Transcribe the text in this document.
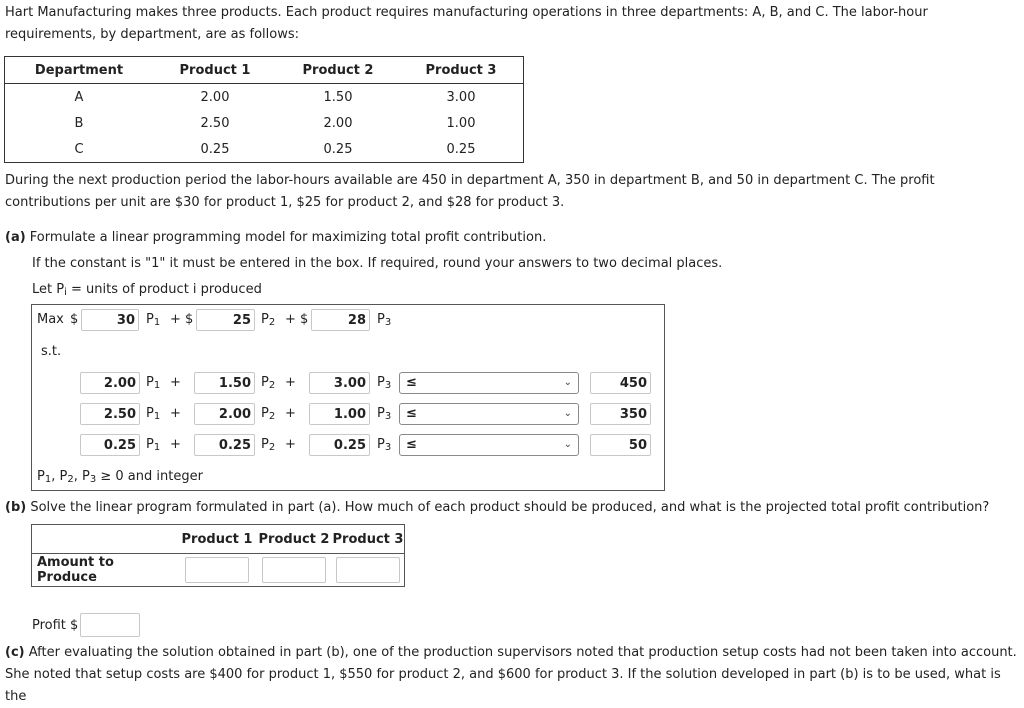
Hart Manufacturing makes three products. Each product requires manufacturing operations in three departments: A, B, and C. The labor-hour requirements, by department, are as follows:
Department	Product 1	Product 2	Product 3
A	2.00	1.50	3.00
B	2.50	2.00	1.00
C	0.25	0.25	0.25
During the next production period the labor-hours available are 450 in department A, 350 in department B, and 50 in department C. The profit contributions per unit are $30 for product 1, $25 for product 2, and $28 for product 3.
(a) Formulate a linear programming model for maximizing total profit contribution.
If the constant is "1" it must be entered in the box. If required, round your answers to two decimal places.
Let $P_i$ = units of product i produced
Max $	30 $P_1$ + $	25 $P_2$ + $	28 $P_3$
s.t.
2.00 $P_1$ +	1.50 $P_2$ +	3.00 $P_3$	≤	⌄	450
2.50 $P_1$ +	2.00 $P_2$ +	1.00 $P_3$	≤	⌄	350
0.25 $P_1$ +	0.25 $P_2$ +	0.25 $P_3$	≤	⌄	50
$P_1$, $P_2$, $P_3 \ge 0$ and integer
(b) Solve the linear program formulated in part (a). How much of each product should be produced, and what is the projected total profit contribution?
	Product 1	Product 2	Product 3
Amount to Produce			
Profit $
(c) After evaluating the solution obtained in part (b), one of the production supervisors noted that production setup costs had not been taken into account. She noted that setup costs are $400 for product 1, $550 for product 2, and $600 for product 3. If the solution developed in part (b) is to be used, what is the
